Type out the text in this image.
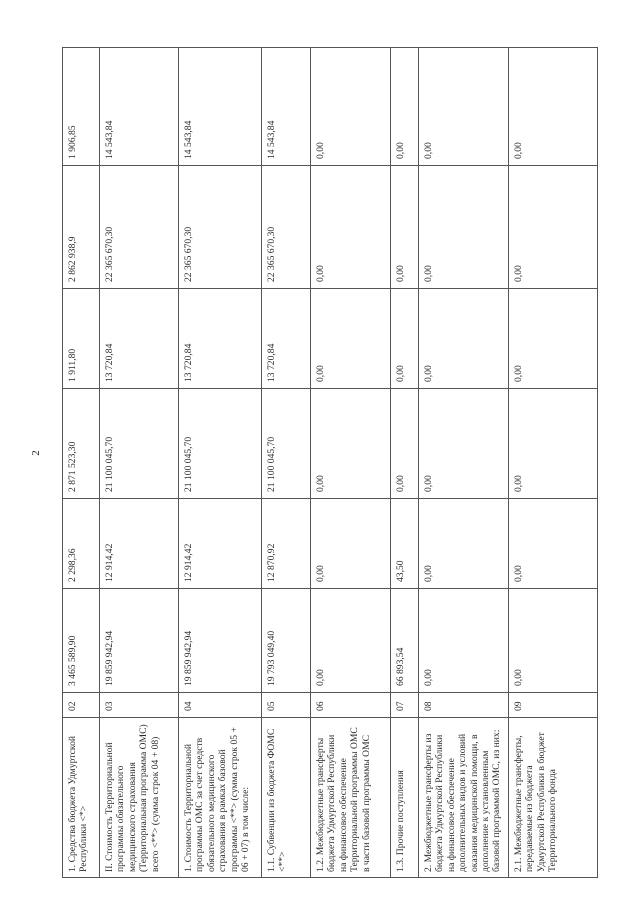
2
1. Средства бюджета Удмуртской Республики <*>	02	3 465 589,90	2 298,36	2 871 523,30	1 911,80	2 862 938,9	1 906,85
II. Стоимость Территориальной программы обязательного медицинского страхования (Территориальная программа ОМС) всего <**> (сумма строк 04 + 08)	03	19 859 942,94	12 914,42	21 100 045,70	13 720,84	22 365 670,30	14 543,84
1. Стоимость Территориальной программы ОМС за счет средств обязательного медицинского страхования в рамках базовой программы <**> (сумма строк 05 + 06 + 07) в том числе:	04	19 859 942,94	12 914,42	21 100 045,70	13 720,84	22 365 670,30	14 543,84
1.1. Субвенции из бюджета ФОМС <**>	05	19 793 049,40	12 870,92	21 100 045,70	13 720,84	22 365 670,30	14 543,84
1.2. Межбюджетные трансферты бюджета Удмуртской Республики на финансовое обеспечение Территориальной программы ОМС в части базовой программы ОМС	06	0,00	0,00	0,00	0,00	0,00	0,00
1.3. Прочие поступления	07	66 893,54	43,50	0,00	0,00	0,00	0,00
2. Межбюджетные трансферты из бюджета Удмуртской Республики на финансовое обеспечение дополнительных видов и условий оказания медицинской помощи, в дополнение к установленным базовой программой ОМС, из них:	08	0,00	0,00	0,00	0,00	0,00	0,00
2.1. Межбюджетные трансферты, передаваемые из бюджета Удмуртской Республики в бюджет Территориального фонда	09	0,00	0,00	0,00	0,00	0,00	0,00
